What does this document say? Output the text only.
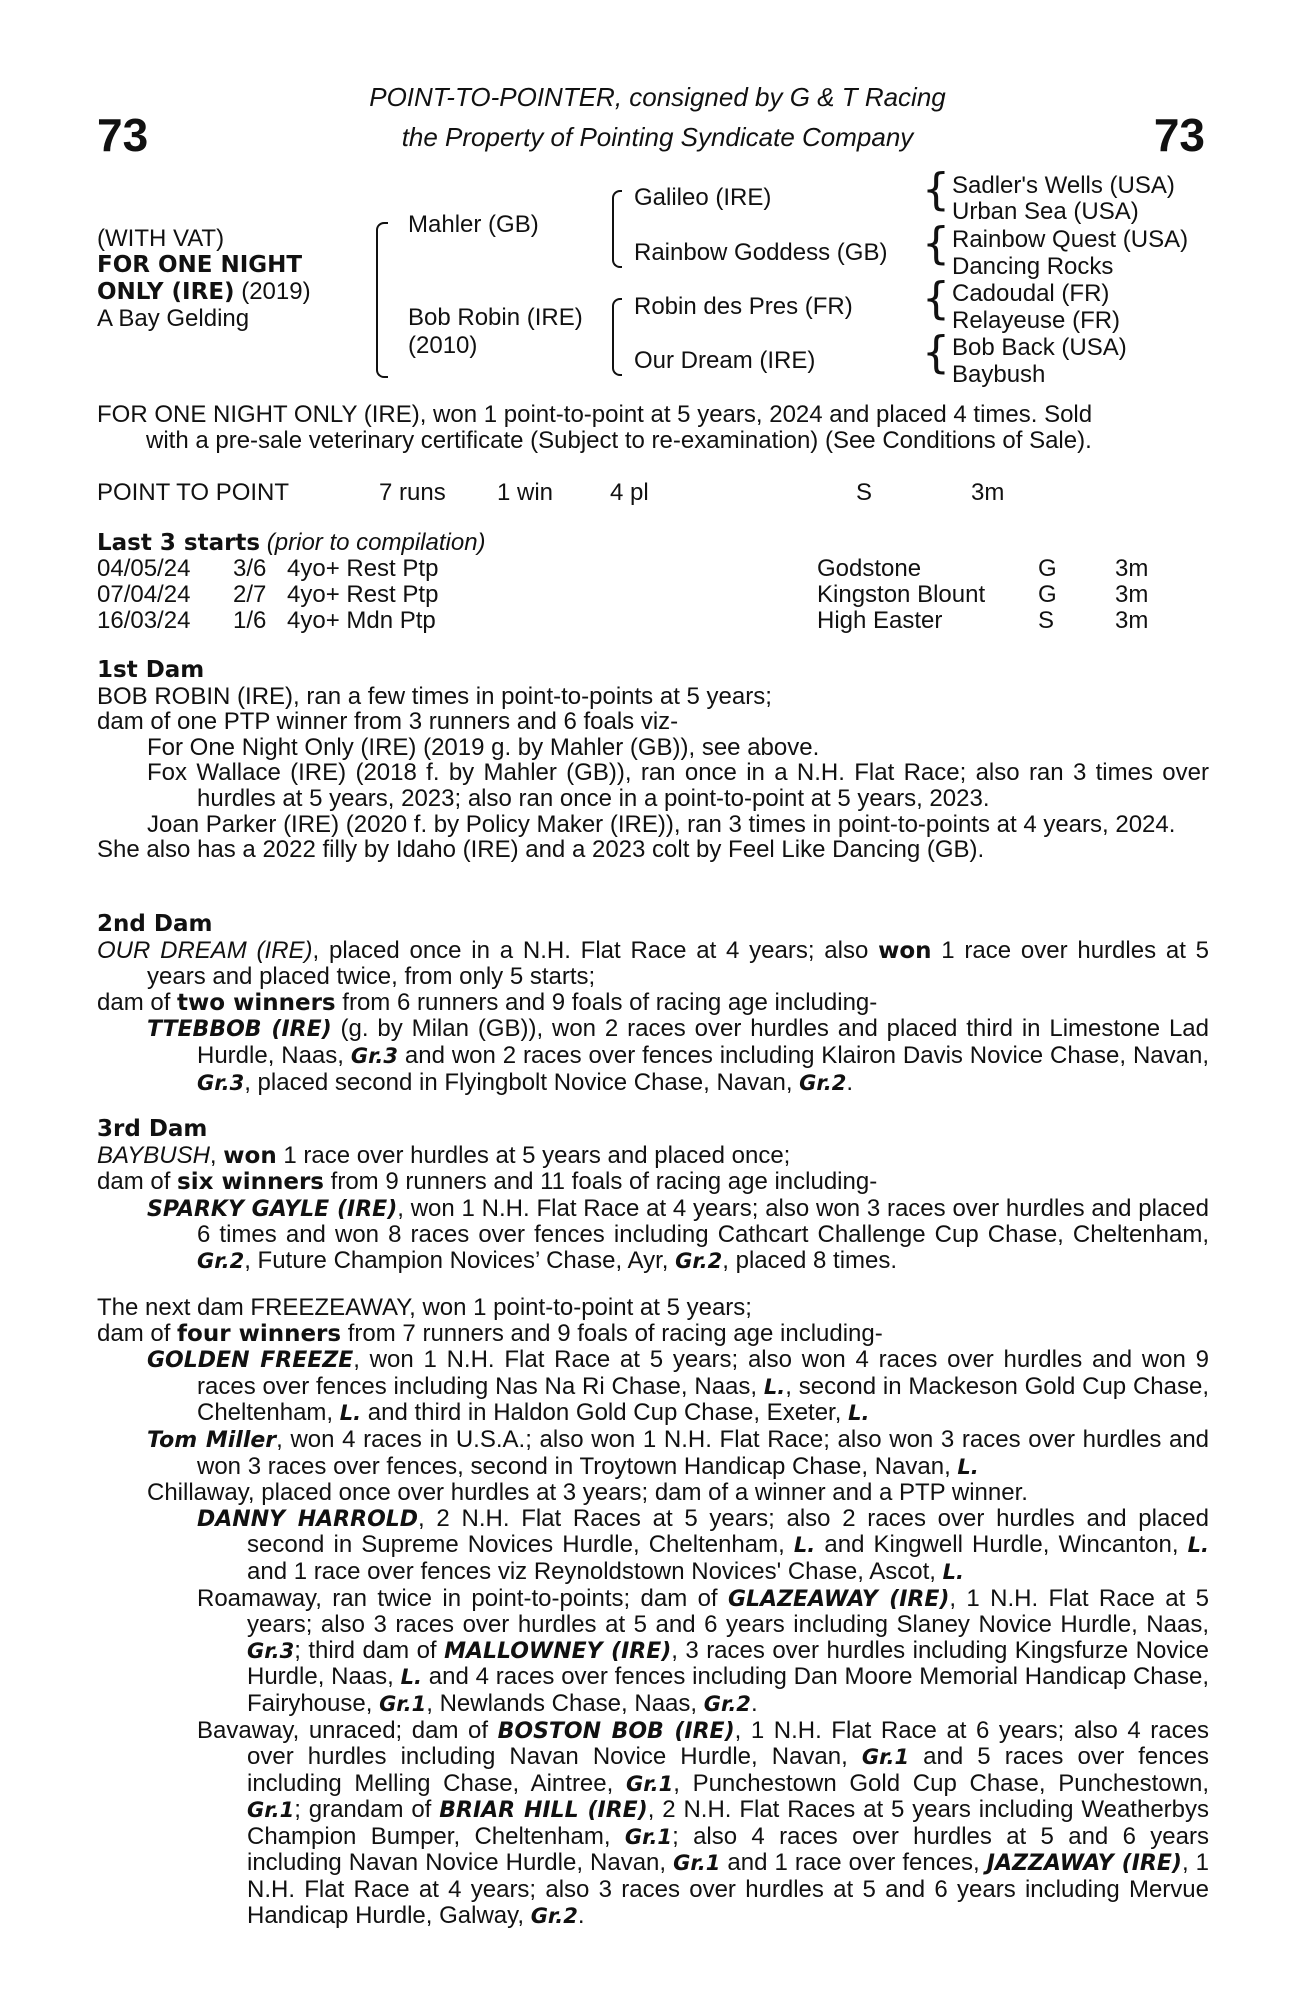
73	73
POINT-TO-POINTER, consigned by G & T Racing
the Property of Pointing Syndicate Company
(WITH VAT)
FOR ONE NIGHT
ONLY (IRE) (2019)
A Bay Gelding
Mahler (GB)
Bob Robin (IRE)
(2010)
Galileo (IRE)
Rainbow Goddess (GB)
Robin des Pres (FR)
Our Dream (IRE)
{ Sadler's Wells (USA)
Urban Sea (USA)
{ Rainbow Quest (USA)
Dancing Rocks
{ Cadoudal (FR)
Relayeuse (FR)
{ Bob Back (USA)
Baybush
FOR ONE NIGHT ONLY (IRE), won 1 point-to-point at 5 years, 2024 and placed 4 times. Sold
with a pre-sale veterinary certificate (Subject to re-examination) (See Conditions of Sale).
POINT TO POINT	7 runs 1 win 4 pl	S	3m
Last 3 starts (prior to compilation)
04/05/24 3/6 4yo+ Rest Ptp	Godstone	G 3m
07/04/24 2/7 4yo+ Rest Ptp	Kingston Blount G 3m
16/03/24 1/6 4yo+ Mdn Ptp	High Easter	S	3m

1st Dam

BOB ROBIN (IRE), ran a few times in point-to-points at 5 years;

dam of one PTP winner from 3 runners and 6 foals viz-

For One Night Only (IRE) (2019 g. by Mahler (GB)), see above.

Fox Wallace (IRE) (2018 f. by Mahler (GB)), ran once in a N.H. Flat Race; also ran 3 times over hurdles at 5 years, 2023; also ran once in a point-to-point at 5 years, 2023.

Joan Parker (IRE) (2020 f. by Policy Maker (IRE)), ran 3 times in point-to-points at 4 years, 2024.

She also has a 2022 filly by Idaho (IRE) and a 2023 colt by Feel Like Dancing (GB).

2nd Dam

OUR DREAM (IRE), placed once in a N.H. Flat Race at 4 years; also won 1 race over hurdles at 5 years and placed twice, from only 5 starts;

dam of two winners from 6 runners and 9 foals of racing age including-

TTEBBOB (IRE) (g. by Milan (GB)), won 2 races over hurdles and placed third in Limestone Lad Hurdle, Naas, Gr.3 and won 2 races over fences including Klairon Davis Novice Chase, Navan, Gr.3, placed second in Flyingbolt Novice Chase, Navan, Gr.2.

3rd Dam

BAYBUSH, won 1 race over hurdles at 5 years and placed once;

dam of six winners from 9 runners and 11 foals of racing age including-

SPARKY GAYLE (IRE), won 1 N.H. Flat Race at 4 years; also won 3 races over hurdles and placed 6 times and won 8 races over fences including Cathcart Challenge Cup Chase, Cheltenham, Gr.2, Future Champion Novices’ Chase, Ayr, Gr.2, placed 8 times.

The next dam FREEZEAWAY, won 1 point-to-point at 5 years;

dam of four winners from 7 runners and 9 foals of racing age including-

GOLDEN FREEZE, won 1 N.H. Flat Race at 5 years; also won 4 races over hurdles and won 9 races over fences including Nas Na Ri Chase, Naas, L., second in Mackeson Gold Cup Chase, Cheltenham, L. and third in Haldon Gold Cup Chase, Exeter, L.

Tom Miller, won 4 races in U.S.A.; also won 1 N.H. Flat Race; also won 3 races over hurdles and won 3 races over fences, second in Troytown Handicap Chase, Navan, L.

Chillaway, placed once over hurdles at 3 years; dam of a winner and a PTP winner.

DANNY HARROLD, 2 N.H. Flat Races at 5 years; also 2 races over hurdles and placed second in Supreme Novices Hurdle, Cheltenham, L. and Kingwell Hurdle, Wincanton, L. and 1 race over fences viz Reynoldstown Novices' Chase, Ascot, L.

Roamaway, ran twice in point-to-points; dam of GLAZEAWAY (IRE), 1 N.H. Flat Race at 5 years; also 3 races over hurdles at 5 and 6 years including Slaney Novice Hurdle, Naas, Gr.3; third dam of MALLOWNEY (IRE), 3 races over hurdles including Kingsfurze Novice Hurdle, Naas, L. and 4 races over fences including Dan Moore Memorial Handicap Chase, Fairyhouse, Gr.1, Newlands Chase, Naas, Gr.2.

Bavaway, unraced; dam of BOSTON BOB (IRE), 1 N.H. Flat Race at 6 years; also 4 races over hurdles including Navan Novice Hurdle, Navan, Gr.1 and 5 races over fences including Melling Chase, Aintree, Gr.1, Punchestown Gold Cup Chase, Punchestown, Gr.1; grandam of BRIAR HILL (IRE), 2 N.H. Flat Races at 5 years including Weatherbys Champion Bumper, Cheltenham, Gr.1; also 4 races over hurdles at 5 and 6 years including Navan Novice Hurdle, Navan, Gr.1 and 1 race over fences, JAZZAWAY (IRE), 1 N.H. Flat Race at 4 years; also 3 races over hurdles at 5 and 6 years including Mervue Handicap Hurdle, Galway, Gr.2.
